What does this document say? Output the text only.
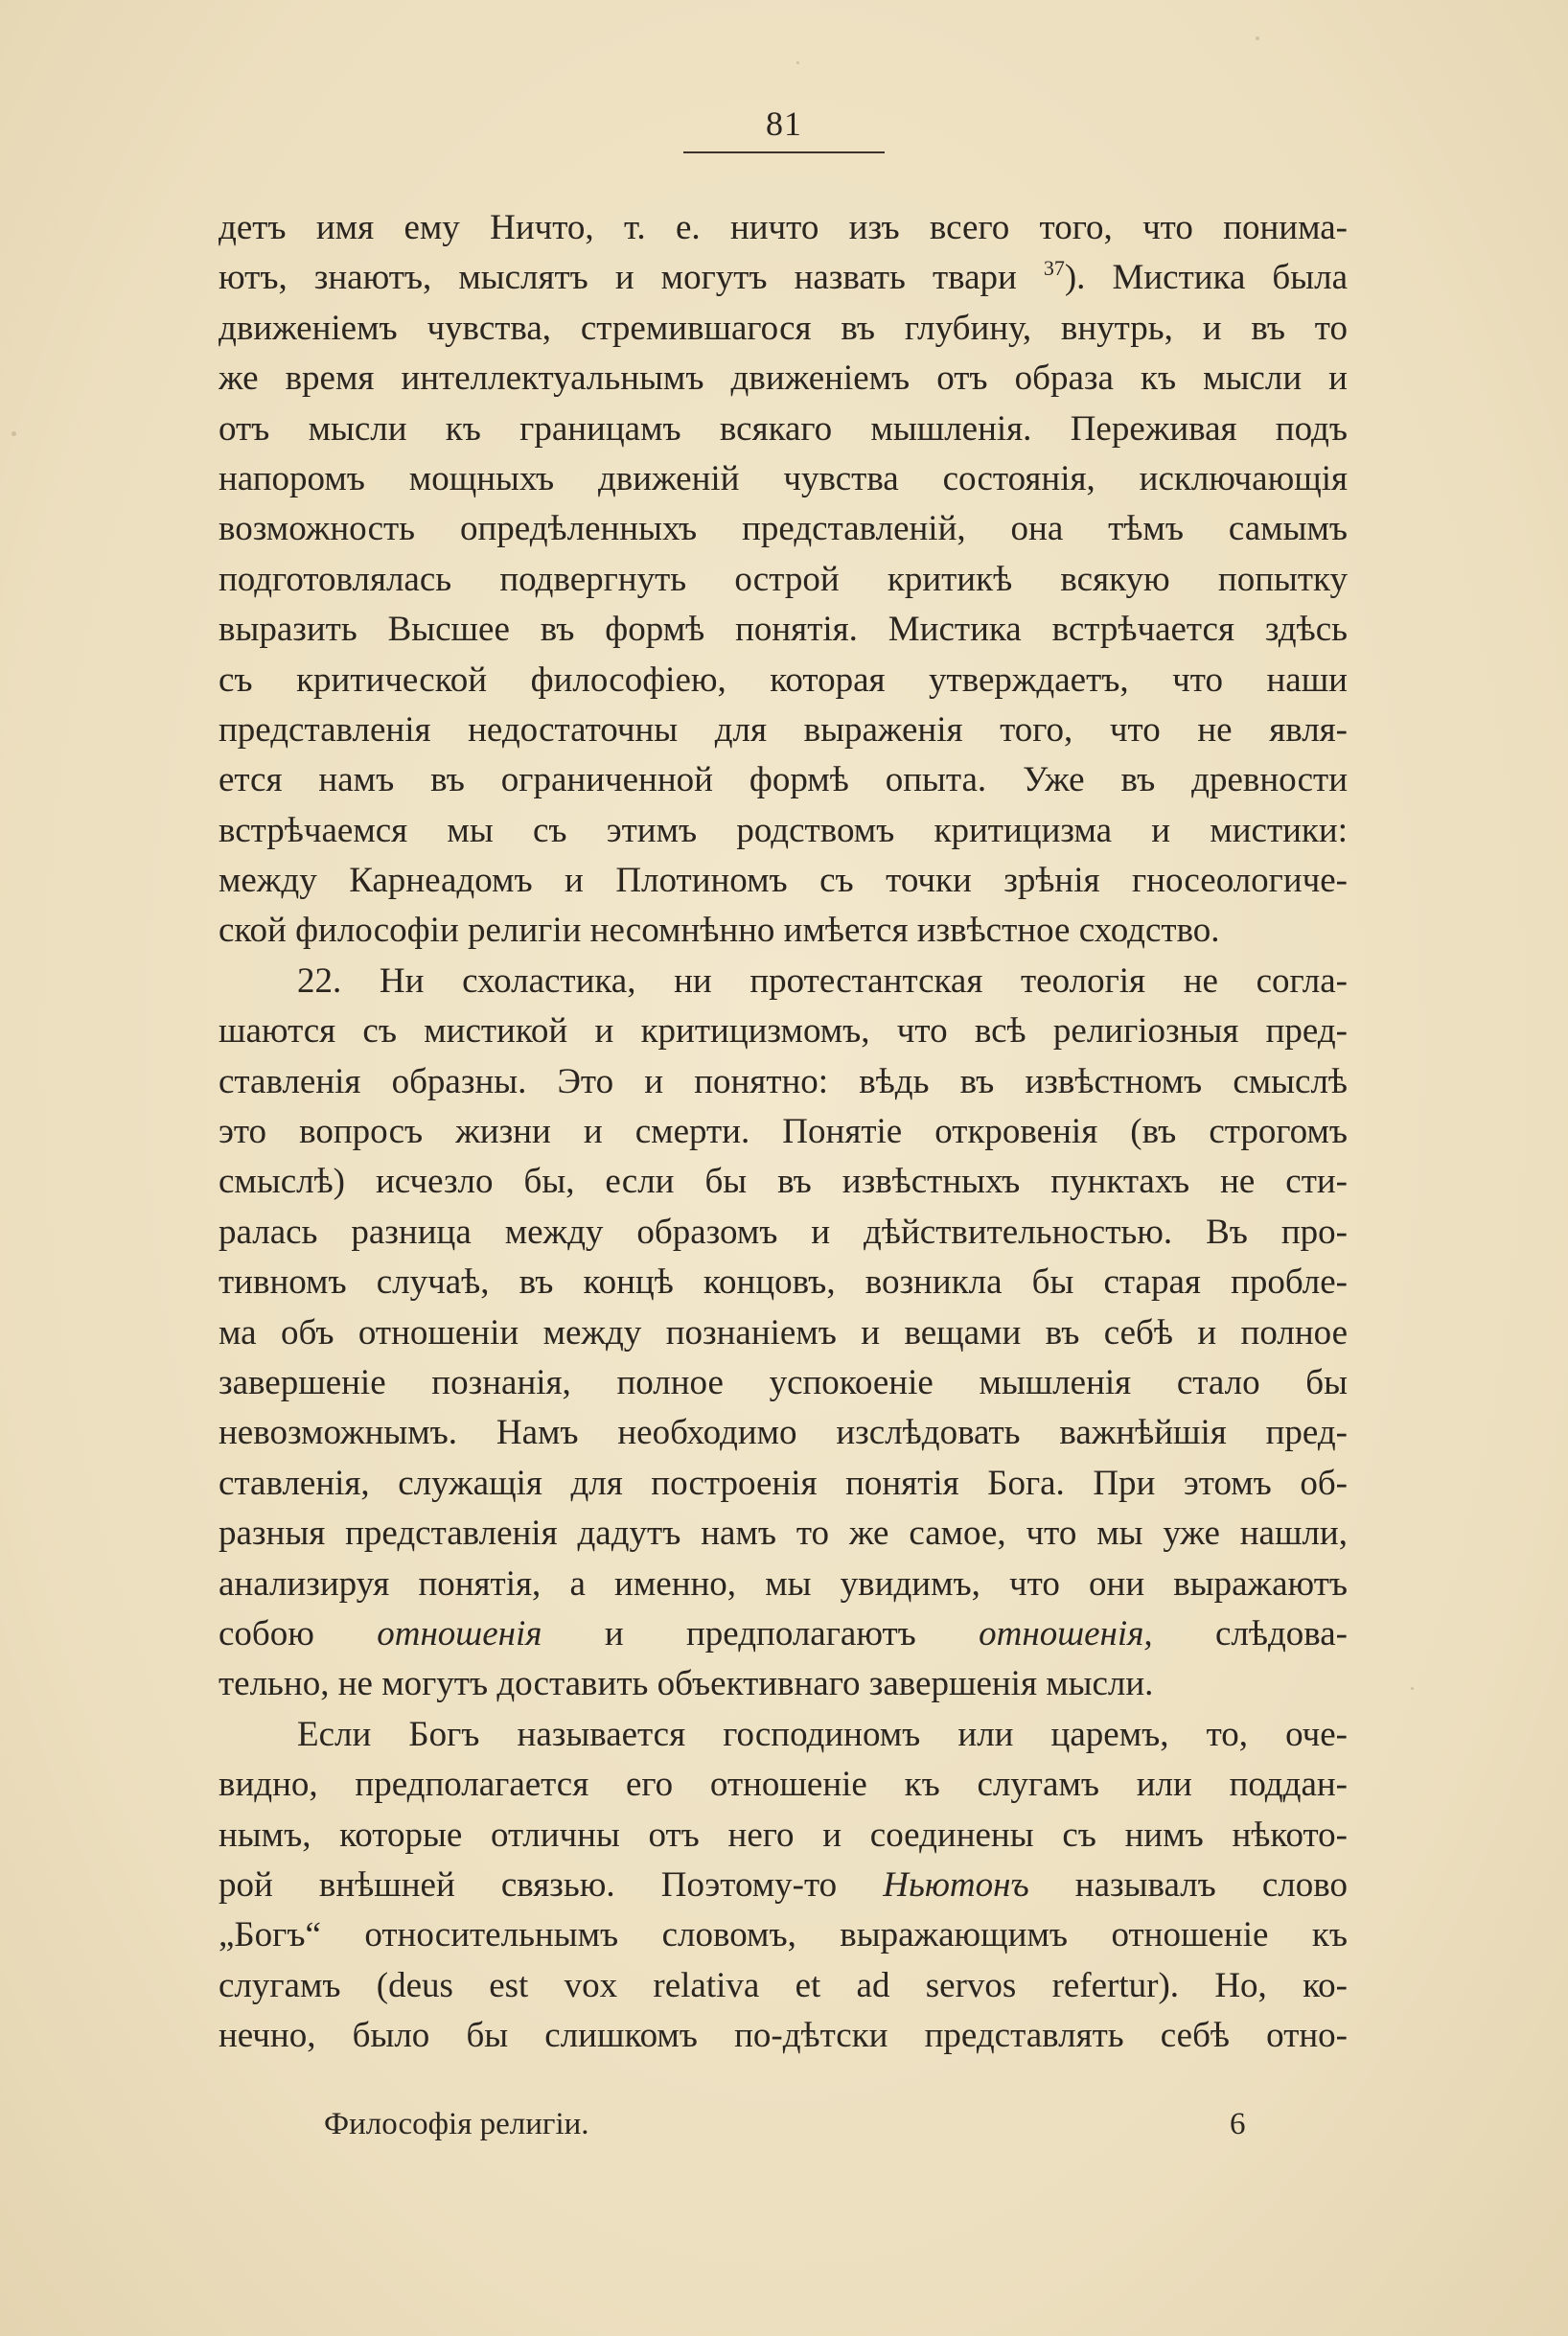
81
детъ имя ему Ничто, т. е. ничто изъ всего того, что понима-
ютъ, знаютъ, мыслятъ и могутъ назвать твари $^{37}$). Мистика была
движеніемъ чувства, стремившагося въ глубину, внутрь, и въ то
же время интеллектуальнымъ движеніемъ отъ образа къ мысли и
отъ мысли къ границамъ всякаго мышленія. Переживая подъ
напоромъ мощныхъ движеній чувства состоянія, исключающія
возможность опредѣленныхъ представленій, она тѣмъ самымъ
подготовлялась подвергнуть острой критикѣ всякую попытку
выразить Высшее въ формѣ понятія. Мистика встрѣчается здѣсь
съ критической философіею, которая утверждаетъ, что наши
представленія недостаточны для выраженія того, что не явля-
ется намъ въ ограниченной формѣ опыта. Уже въ древности
встрѣчаемся мы съ этимъ родствомъ критицизма и мистики:
между Карнеадомъ и Плотиномъ съ точки зрѣнія гносеологиче-
ской философіи религіи несомнѣнно имѣется извѣстное сходство.
22. Ни схоластика, ни протестантская теологія не согла-
шаются съ мистикой и критицизмомъ, что всѣ религіозныя пред-
ставленія образны. Это и понятно: вѣдь въ извѣстномъ смыслѣ
это вопросъ жизни и смерти. Понятіе откровенія (въ строгомъ
смыслѣ) исчезло бы, если бы въ извѣстныхъ пунктахъ не сти-
ралась разница между образомъ и дѣйствительностью. Въ про-
тивномъ случаѣ, въ концѣ концовъ, возникла бы старая пробле-
ма объ отношеніи между познаніемъ и вещами въ себѣ и полное
завершеніе познанія, полное успокоеніе мышленія стало бы
невозможнымъ. Намъ необходимо изслѣдовать важнѣйшія пред-
ставленія, служащія для построенія понятія Бога. При этомъ об-
разныя представленія дадутъ намъ то же самое, что мы уже нашли,
анализируя понятія, а именно, мы увидимъ, что они выражаютъ
собою отношенія и предполагаютъ отношенія, слѣдова-
тельно, не могутъ доставить объективнаго завершенія мысли.
Если Богъ называется господиномъ или царемъ, то, оче-
видно, предполагается его отношеніе къ слугамъ или поддан-
нымъ, которые отличны отъ него и соединены съ нимъ нѣкото-
рой внѣшней связью. Поэтому-то Ньютонъ называлъ слово
„Богъ“ относительнымъ словомъ, выражающимъ отношеніе къ
слугамъ (deus est vox relativa et ad servos refertur). Но, ко-
нечно, было бы слишкомъ по-дѣтски представлять себѣ отно-
Философія религіи.	6
